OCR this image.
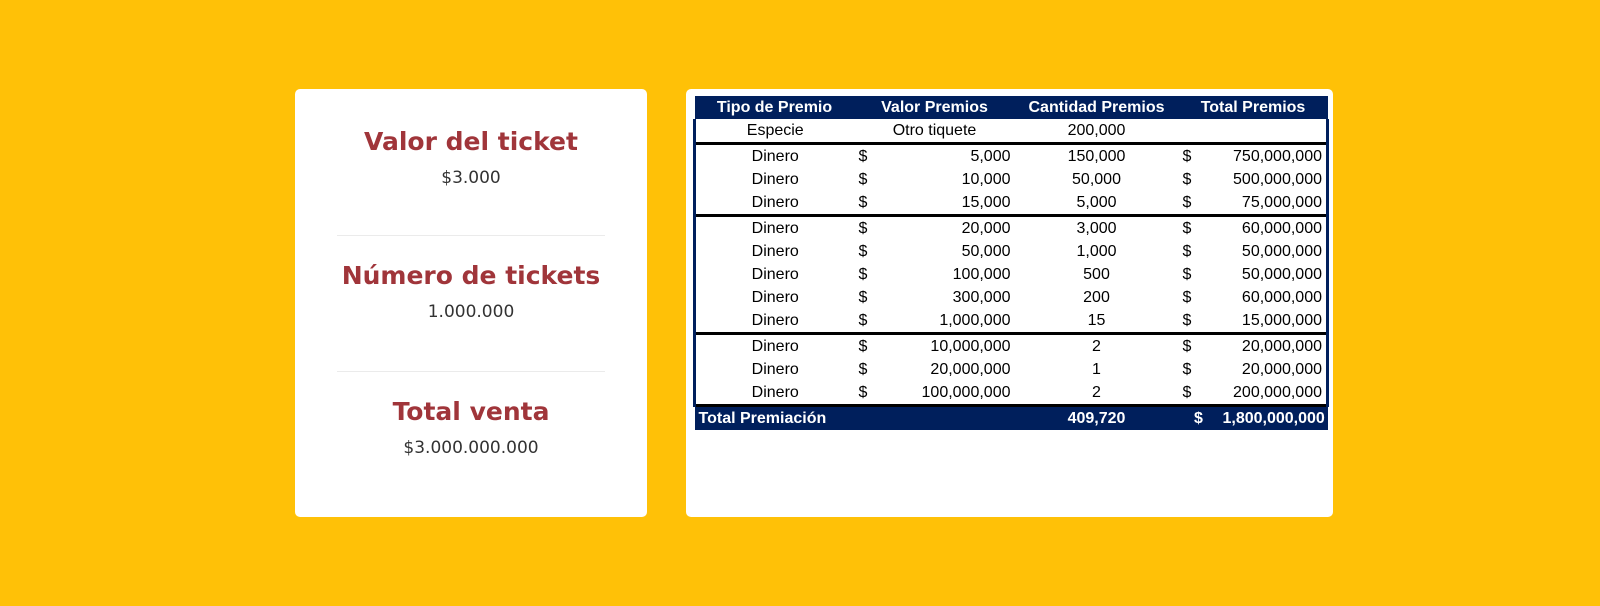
Valor del ticket
$3.000
Número de tickets
1.000.000
Total venta
$3.000.000.000
Tipo de Premio	Valor Premios		Cantidad Premios	Total Premios	
Especie	Otro tiquete		200,000		
Dinero	$	5,000	150,000	$	750,000,000
Dinero	$	10,000	50,000	$	500,000,000
Dinero	$	15,000	5,000	$	75,000,000
Dinero	$	20,000	3,000	$	60,000,000
Dinero	$	50,000	1,000	$	50,000,000
Dinero	$	100,000	500	$	50,000,000
Dinero	$	300,000	200	$	60,000,000
Dinero	$	1,000,000	15	$	15,000,000
Dinero	$	10,000,000	2	$	20,000,000
Dinero	$	20,000,000	1	$	20,000,000
Dinero	$	100,000,000	2	$	200,000,000
Total Premiación			409,720	$	1,800,000,000
